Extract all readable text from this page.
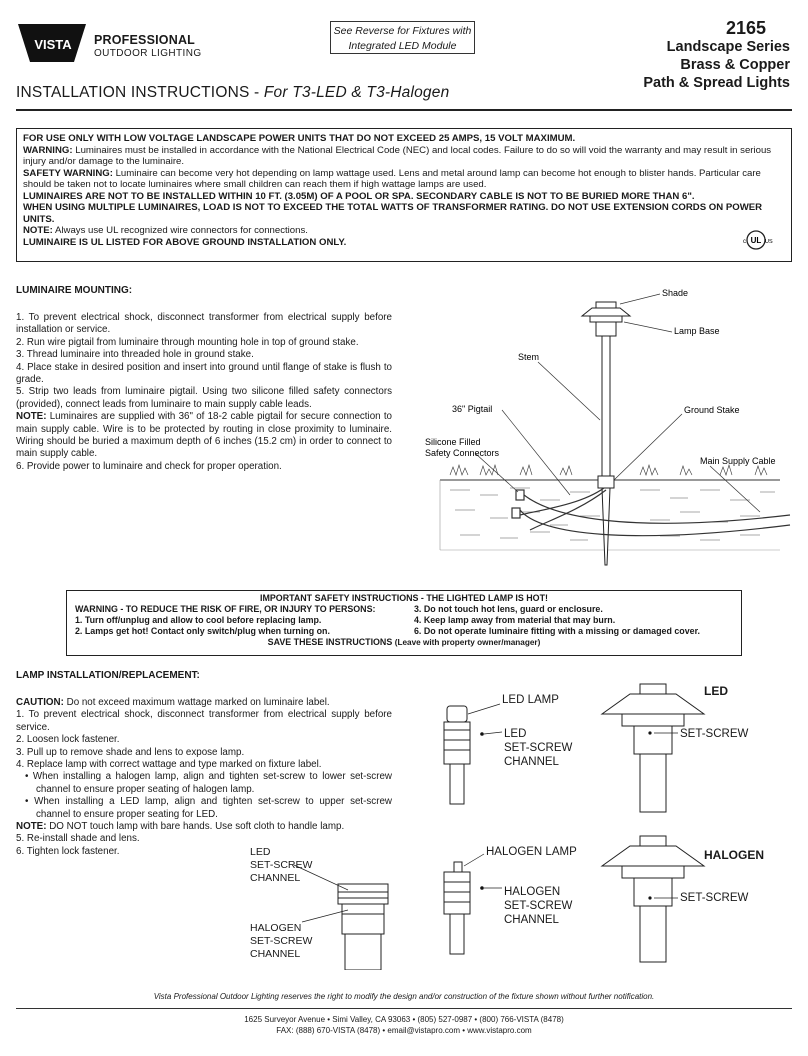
VISTA PROFESSIONAL
OUTDOOR LIGHTING
See Reverse for Fixtures with Integrated LED Module
2165
Landscape Series
Brass & Copper
Path & Spread Lights
INSTALLATION INSTRUCTIONS - For T3-LED & T3-Halogen

FOR USE ONLY WITH LOW VOLTAGE LANDSCAPE POWER UNITS THAT DO NOT EXCEED 25 AMPS, 15 VOLT MAXIMUM.

WARNING: Luminaires must be installed in accordance with the National Electrical Code (NEC) and local codes. Failure to do so will void the warranty and may result in serious injury and/or damage to the luminaire.

SAFETY WARNING: Luminaire can become very hot depending on lamp wattage used. Lens and metal around lamp can become hot enough to blister hands. Particular care should be taken not to locate luminaires where small children can reach them if high wattage lamps are used.

LUMINAIRES ARE NOT TO BE INSTALLED WITHIN 10 FT. (3.05M) OF A POOL OR SPA. SECONDARY CABLE IS NOT TO BE BURIED MORE THAN 6".

WHEN USING MULTIPLE LUMINAIRES, LOAD IS NOT TO EXCEED THE TOTAL WATTS OF TRANSFORMER RATING. DO NOT USE EXTENSION CORDS ON POWER UNITS.

NOTE: Always use UL recognized wire connectors for connections.

LUMINAIRE IS UL LISTED FOR ABOVE GROUND INSTALLATION ONLY.	c UL US
LUMINAIRE MOUNTING:

1. To prevent electrical shock, disconnect transformer from electrical supply before installation or service.

2. Run wire pigtail from luminaire through mounting hole in top of ground stake.

3. Thread luminaire into threaded hole in ground stake.

4. Place stake in desired position and insert into ground until flange of stake is flush to grade.

5. Strip two leads from luminaire pigtail. Using two silicone filled safety connectors (provided), connect leads from luminaire to main supply cable leads.

NOTE: Luminaires are supplied with 36" of 18-2 cable pigtail for secure connection to main supply cable. Wire is to be protected by routing in close proximity to luminaire. Wiring should be buried a maximum depth of 6 inches (15.2 cm) in order to connect to main supply cable.

6. Provide power to luminaire and check for proper operation.

Shade
Lamp Base
Stem
36" Pigtail	Ground Stake
Silicone Filled
Safety Connectors
Main Supply Cable
IMPORTANT SAFETY INSTRUCTIONS - THE LIGHTED LAMP IS HOT!
WARNING - TO REDUCE THE RISK OF FIRE, OR INJURY TO PERSONS:
1. Turn off/unplug and allow to cool before replacing lamp.
2. Lamps get hot! Contact only switch/plug when turning on.
3. Do not touch hot lens, guard or enclosure.
4. Keep lamp away from material that may burn.
6. Do not operate luminaire fitting with a missing or damaged cover.
SAVE THESE INSTRUCTIONS (Leave with property owner/manager)
LAMP INSTALLATION/REPLACEMENT:

CAUTION: Do not exceed maximum wattage marked on luminaire label.

1. To prevent electrical shock, disconnect transformer from electrical supply before service.

2. Loosen lock fastener.

3. Pull up to remove shade and lens to expose lamp.

4. Replace lamp with correct wattage and type marked on fixture label.

• When installing a halogen lamp, align and tighten set-screw to lower set-screw channel to ensure proper seating of halogen lamp.

• When installing a LED lamp, align and tighten set-screw to upper set-screw channel to ensure proper seating for LED.

NOTE: DO NOT touch lamp with bare hands. Use soft cloth to handle lamp.

5. Re-install shade and lens.

6. Tighten lock fastener.

LED LAMP
LED
SET-SCREW
CHANNEL
SET-SCREW
HALOGEN LAMP
HALOGEN
SET-SCREW
CHANNEL
SET-SCREW
LED
SET-SCREW
CHANNEL
HALOGEN
SET-SCREW
CHANNEL
LED
HALOGEN
Vista Professional Outdoor Lighting reserves the right to modify the design and/or construction of the fixture shown without further notification.
1625 Surveyor Avenue • Simi Valley, CA 93063 • (805) 527-0987 • (800) 766-VISTA (8478)
FAX: (888) 670-VISTA (8478) • email@vistapro.com • www.vistapro.com
